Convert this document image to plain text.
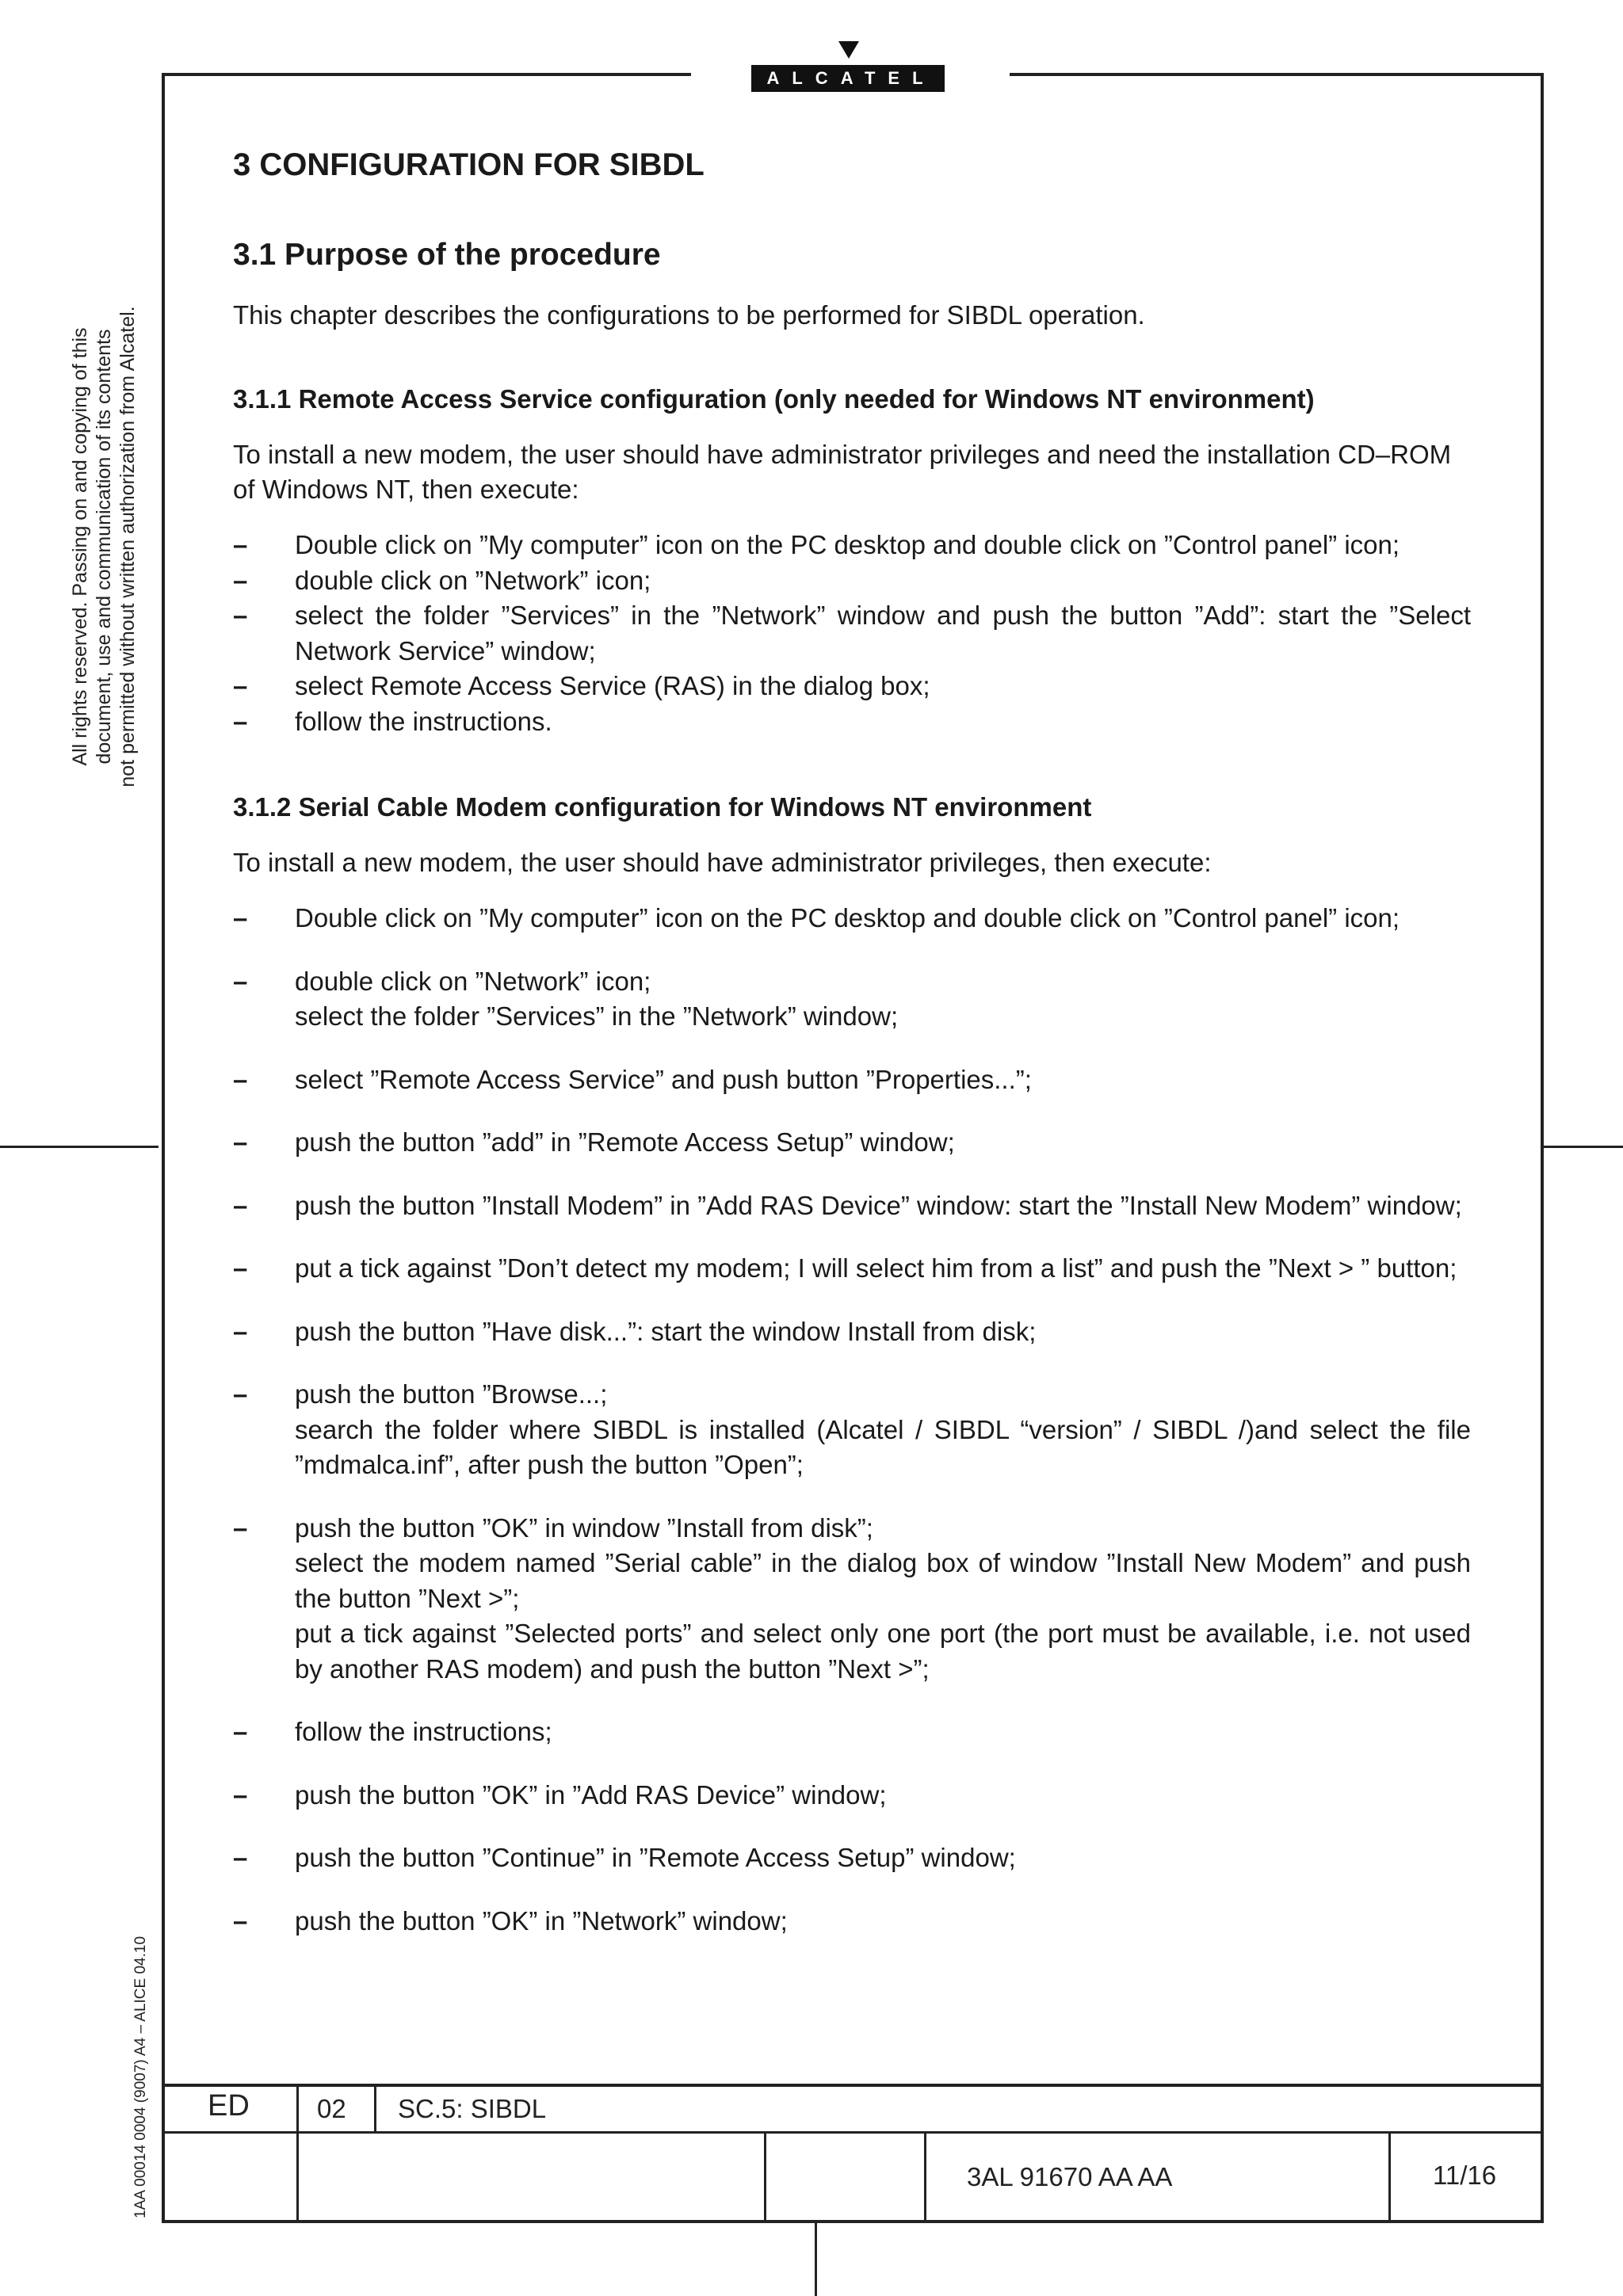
ALCATEL
All rights reserved. Passing on and copying of this document, use and communication of its contents not permitted without written authorization from Alcatel.
1AA 00014 0004 (9007) A4 – ALICE 04.10
3 CONFIGURATION FOR SIBDL
3.1 Purpose of the procedure
This chapter describes the configurations to be performed for SIBDL operation.
3.1.1 Remote Access Service configuration (only needed for Windows NT environment)
To install a new modem, the user should have administrator privileges and need the installation CD–ROM of Windows NT, then execute:
– Double click on ”My computer” icon on the PC desktop and double click on ”Control panel” icon;
– double click on ”Network” icon;
– select the folder ”Services” in the ”Network” window and push the button ”Add”: start the ”Select Network Service” window;
– select Remote Access Service (RAS) in the dialog box;
– follow the instructions.
3.1.2 Serial Cable Modem configuration for Windows NT environment
To install a new modem, the user should have administrator privileges, then execute:
– Double click on ”My computer” icon on the PC desktop and double click on ”Control panel” icon;
– double click on ”Network” icon;
select the folder ”Services” in the ”Network” window;
– select ”Remote Access Service” and push button ”Properties...”;
– push the button ”add” in ”Remote Access Setup” window;
– push the button ”Install Modem” in ”Add RAS Device” window: start the ”Install New Modem” window;
– put a tick against ”Don’t detect my modem; I will select him from a list” and push the ”Next > ” button;
– push the button ”Have disk...”: start the window Install from disk;
– push the button ”Browse...;
search the folder where SIBDL is installed (Alcatel / SIBDL “version” / SIBDL /)and select the file ”mdmalca.inf”, after push the button ”Open”;
– push the button ”OK” in window ”Install from disk”;
select the modem named ”Serial cable” in the dialog box of window ”Install New Modem” and push the button ”Next >”;
put a tick against ”Selected ports” and select only one port (the port must be available, i.e. not used by another RAS modem) and push the button ”Next >”;
– follow the instructions;
– push the button ”OK” in ”Add RAS Device” window;
– push the button ”Continue” in ”Remote Access Setup” window;
– push the button ”OK” in ”Network” window;
ED	02 SC.5: SIBDL
3AL 91670 AA AA	11/16
